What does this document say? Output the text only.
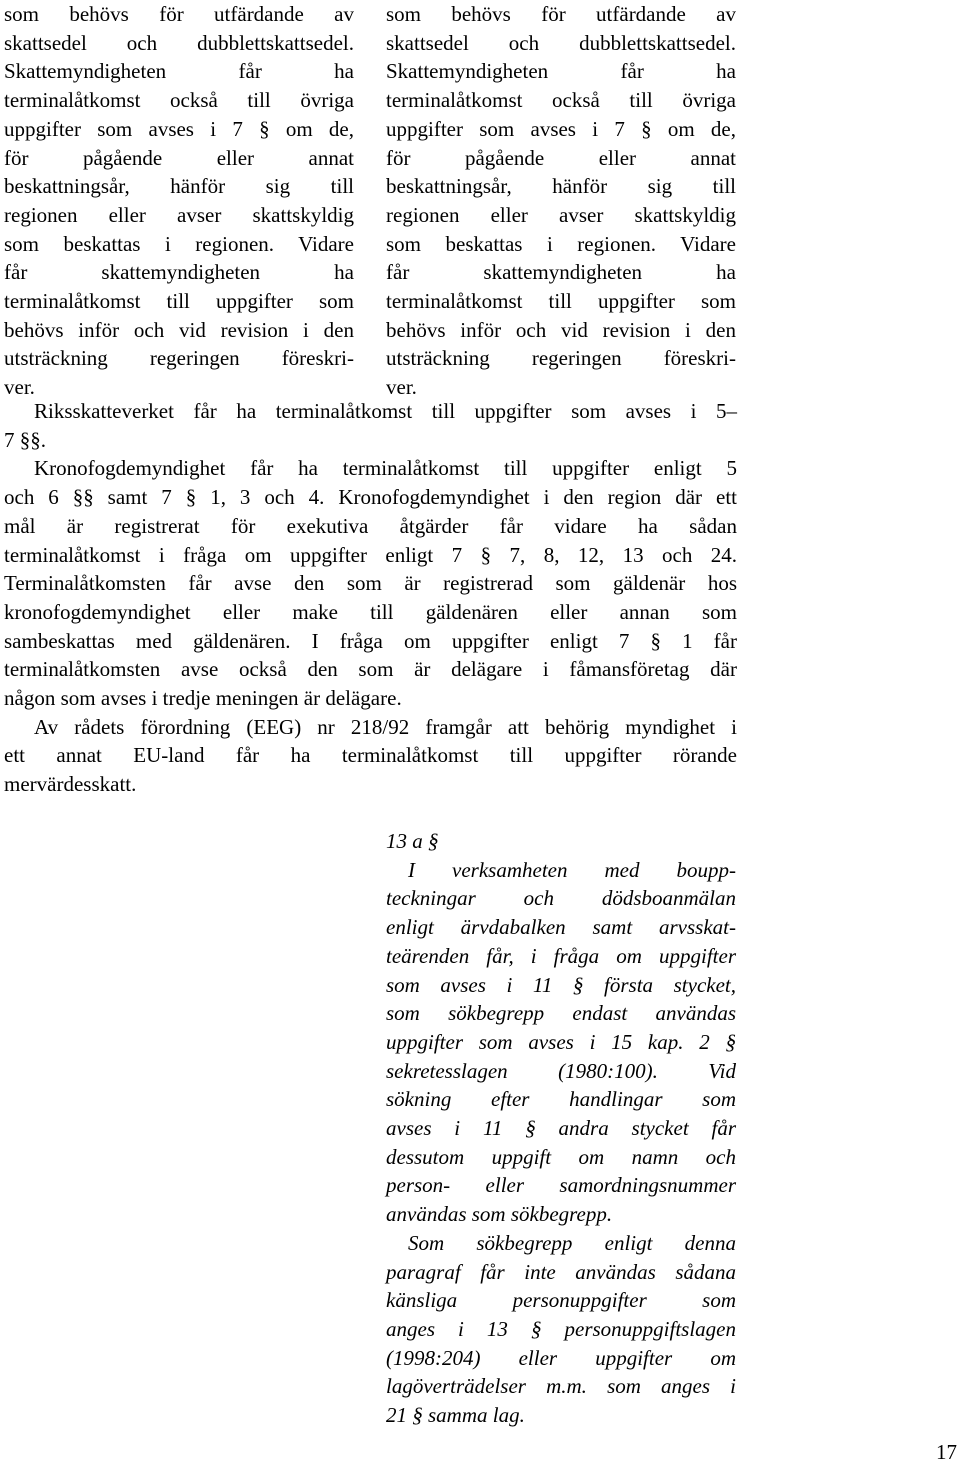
som behövs för utfärdande av
skattsedel och dubblettskattsedel.
Skattemyndigheten får ha
terminalåtkomst också till övriga
uppgifter som avses i 7 § om de,
för pågående eller annat
beskattningsår, hänför sig till
regionen eller avser skattskyldig
som beskattas i regionen. Vidare
får skattemyndigheten ha
terminalåtkomst till uppgifter som
behövs inför och vid revision i den
utsträckning regeringen föreskri-
ver.
som behövs för utfärdande av
skattsedel och dubblettskattsedel.
Skattemyndigheten får ha
terminalåtkomst också till övriga
uppgifter som avses i 7 § om de,
för pågående eller annat
beskattningsår, hänför sig till
regionen eller avser skattskyldig
som beskattas i regionen. Vidare
får skattemyndigheten ha
terminalåtkomst till uppgifter som
behövs inför och vid revision i den
utsträckning regeringen föreskri-
ver.
Riksskatteverket får ha terminalåtkomst till uppgifter som avses i 5–
7 §§.
Kronofogdemyndighet får ha terminalåtkomst till uppgifter enligt 5
och 6 §§ samt 7 § 1, 3 och 4. Kronofogdemyndighet i den region där ett
mål är registrerat för exekutiva åtgärder får vidare ha sådan
terminalåtkomst i fråga om uppgifter enligt 7 § 7, 8, 12, 13 och 24.
Terminalåtkomsten får avse den som är registrerad som gäldenär hos
kronofogdemyndighet eller make till gäldenären eller annan som
sambeskattas med gäldenären. I fråga om uppgifter enligt 7 § 1 får
terminalåtkomsten avse också den som är delägare i fåmansföretag där
någon som avses i tredje meningen är delägare.
Av rådets förordning (EEG) nr 218/92 framgår att behörig myndighet i
ett annat EU-land får ha terminalåtkomst till uppgifter rörande
mervärdesskatt.
13 a §
I verksamheten med boupp-
teckningar och dödsboanmälan
enligt ärvdabalken samt arvsskat-
teärenden får, i fråga om uppgifter
som avses i 11 § första stycket,
som sökbegrepp endast användas
uppgifter som avses i 15 kap. 2 §
sekretesslagen (1980:100). Vid
sökning efter handlingar som
avses i 11 § andra stycket får
dessutom uppgift om namn och
person- eller samordningsnummer
användas som sökbegrepp.
Som sökbegrepp enligt denna
paragraf får inte användas sådana
känsliga personuppgifter som
anges i 13 § personuppgiftslagen
(1998:204) eller uppgifter om
lagöverträdelser m.m. som anges i
21 § samma lag.
17
